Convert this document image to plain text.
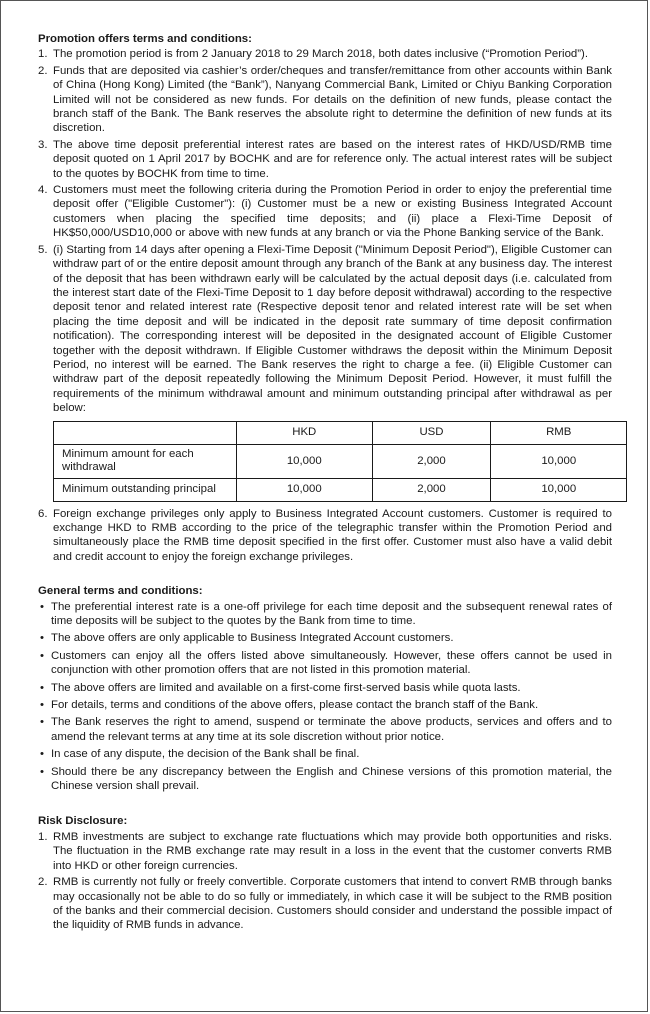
Promotion offers terms and conditions:
1. The promotion period is from 2 January 2018 to 29 March 2018, both dates inclusive (“Promotion Period”).
2. Funds that are deposited via cashier’s order/cheques and transfer/remittance from other accounts within Bank of China (Hong Kong) Limited (the “Bank”), Nanyang Commercial Bank, Limited or Chiyu Banking Corporation Limited will not be considered as new funds. For details on the definition of new funds, please contact the branch staff of the Bank. The Bank reserves the absolute right to determine the definition of new funds at its discretion.
3. The above time deposit preferential interest rates are based on the interest rates of HKD/USD/RMB time deposit quoted on 1 April 2017 by BOCHK and are for reference only. The actual interest rates will be subject to the quotes by BOCHK from time to time.
4. Customers must meet the following criteria during the Promotion Period in order to enjoy the preferential time deposit offer ("Eligible Customer"): (i) Customer must be a new or existing Business Integrated Account customers when placing the specified time deposits; and (ii) place a Flexi-Time Deposit of HK$50,000/USD10,000 or above with new funds at any branch or via the Phone Banking service of the Bank.
5. (i) Starting from 14 days after opening a Flexi-Time Deposit ("Minimum Deposit Period"), Eligible Customer can withdraw part of or the entire deposit amount through any branch of the Bank at any business day. The interest of the deposit that has been withdrawn early will be calculated by the actual deposit days (i.e. calculated from the interest start date of the Flexi-Time Deposit to 1 day before deposit withdrawal) according to the respective deposit tenor and related interest rate (Respective deposit tenor and related interest rate will be set when placing the time deposit and will be indicated in the deposit rate summary of time deposit confirmation notification). The corresponding interest will be deposited in the designated account of Eligible Customer together with the deposit withdrawn. If Eligible Customer withdraws the deposit within the Minimum Deposit Period, no interest will be earned. The Bank reserves the right to charge a fee. (ii) Eligible Customer can withdraw part of the deposit repeatedly following the Minimum Deposit Period. However, it must fulfill the requirements of the minimum withdrawal amount and minimum outstanding principal after withdrawal as per below:
	HKD	USD	RMB
Minimum amount for each withdrawal	10,000	2,000	10,000
Minimum outstanding principal	10,000	2,000	10,000
6. Foreign exchange privileges only apply to Business Integrated Account customers. Customer is required to exchange HKD to RMB according to the price of the telegraphic transfer within the Promotion Period and simultaneously place the RMB time deposit specified in the first offer. Customer must also have a valid debit and credit account to enjoy the foreign exchange privileges.
General terms and conditions:
• The preferential interest rate is a one-off privilege for each time deposit and the subsequent renewal rates of time deposits will be subject to the quotes by the Bank from time to time.
• The above offers are only applicable to Business Integrated Account customers.
• Customers can enjoy all the offers listed above simultaneously. However, these offers cannot be used in conjunction with other promotion offers that are not listed in this promotion material.
• The above offers are limited and available on a first-come first-served basis while quota lasts.
• For details, terms and conditions of the above offers, please contact the branch staff of the Bank.
• The Bank reserves the right to amend, suspend or terminate the above products, services and offers and to amend the relevant terms at any time at its sole discretion without prior notice.
• In case of any dispute, the decision of the Bank shall be final.
• Should there be any discrepancy between the English and Chinese versions of this promotion material, the Chinese version shall prevail.
Risk Disclosure:
1. RMB investments are subject to exchange rate fluctuations which may provide both opportunities and risks. The fluctuation in the RMB exchange rate may result in a loss in the event that the customer converts RMB into HKD or other foreign currencies.
2. RMB is currently not fully or freely convertible. Corporate customers that intend to convert RMB through banks may occasionally not be able to do so fully or immediately, in which case it will be subject to the RMB position of the banks and their commercial decision. Customers should consider and understand the possible impact of the liquidity of RMB funds in advance.
